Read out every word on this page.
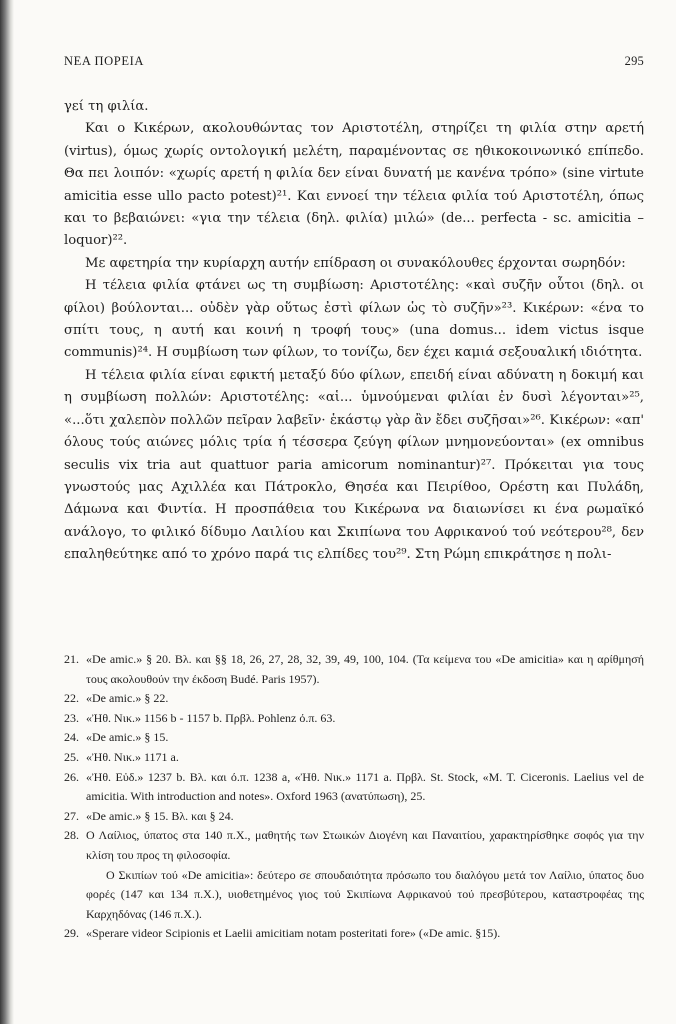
ΝΕΑ ΠΟΡΕΙΑ	295

γεί τη φιλία.

Και ο Κικέρων, ακολουθώντας τον Αριστοτέλη, στηρίζει τη φιλία στην αρετή (virtus), όμως χωρίς οντολογική μελέτη, παραμένοντας σε ηθικοκοινωνικό επίπεδο. Θα πει λοιπόν: «χωρίς αρετή η φιλία δεν είναι δυνατή με κανένα τρόπο» (sine virtute amicitia esse ullo pacto potest)²¹. Και εννοεί την τέλεια φιλία τού Αριστοτέλη, όπως και το βεβαιώνει: «για την τέλεια (δηλ. φιλία) μιλώ» (de... perfecta - sc. amicitia – loquor)²².

Με αφετηρία την κυρίαρχη αυτήν επίδραση οι συνακόλουθες έρχονται σωρηδόν:

Η τέλεια φιλία φτάνει ως τη συμβίωση: Αριστοτέλης: «καὶ συζῆν οὗτοι (δηλ. οι φίλοι) βούλονται... οὐδὲν γὰρ οὕτως ἐστὶ φίλων ὡς τὸ συζῆν»²³. Κικέρων: «ένα το σπίτι τους, η αυτή και κοινή η τροφή τους» (una domus... idem victus isque communis)²⁴. Η συμβίωση των φίλων, το τονίζω, δεν έχει καμιά σεξουαλική ιδιότητα.

Η τέλεια φιλία είναι εφικτή μεταξύ δύο φίλων, επειδή είναι αδύνατη η δοκιμή και η συμβίωση πολλών: Αριστοτέλης: «αἱ... ὑμνούμεναι φιλίαι ἐν δυσὶ λέγονται»²⁵, «...ὅτι χαλεπὸν πολλῶν πεῖραν λαβεῖν· ἑκάστῳ γὰρ ἂν ἔδει συζῆσαι»²⁶. Κικέρων: «απ' όλους τούς αιώνες μόλις τρία ή τέσσερα ζεύγη φίλων μνημονεύονται» (ex omnibus seculis vix tria aut quattuor paria amicorum nominantur)²⁷. Πρόκειται για τους γνωστούς μας Αχιλλέα και Πάτροκλο, Θησέα και Πειρίθοο, Ορέστη και Πυλάδη, Δάμωνα και Φιντία. Η προσπάθεια του Κικέρωνα να διαιωνίσει κι ένα ρωμαϊκό ανάλογο, το φιλικό δίδυμο Λαιλίου και Σκιπίωνα του Αφρικανού τού νεότερου²⁸, δεν επαληθεύτηκε από το χρόνο παρά τις ελπίδες του²⁹. Στη Ρώμη επικράτησε η πολι-

21. «De amic.» § 20. Βλ. και §§ 18, 26, 27, 28, 32, 39, 49, 100, 104. (Τα κείμενα του «De amicitia» και η αρίθμησή τους ακολουθούν την έκδοση Budé. Paris 1957).
22. «De amic.» § 22.
23. «Ἠθ. Νικ.» 1156 b - 1157 b. Πρβλ. Pohlenz ό.π. 63.
24. «De amic.» § 15.
25. «Ἠθ. Νικ.» 1171 a.
26. «Ἠθ. Εὐδ.» 1237 b. Βλ. και ό.π. 1238 a, «Ἠθ. Νικ.» 1171 a. Πρβλ. St. Stock, «M. T. Ciceronis. Laelius vel de amicitia. With introduction and notes». Oxford 1963 (ανατύπωση), 25.
27. «De amic.» § 15. Βλ. και § 24.
28. Ο Λαίλιος, ύπατος στα 140 π.Χ., μαθητής των Στωικών Διογένη και Παναιτίου, χαρακτηρίσθηκε σοφός για την κλίση του προς τη φιλοσοφία.
Ο Σκιπίων τού «De amicitia»: δεύτερο σε σπουδαιότητα πρόσωπο του διαλόγου μετά τον Λαίλιο, ύπατος δυο φορές (147 και 134 π.Χ.), υιοθετημένος γιος τού Σκιπίωνα Αφρικανού τού πρεσβύτερου, καταστροφέας της Καρχηδόνας (146 π.Χ.).
29. «Sperare videor Scipionis et Laelii amicitiam notam posteritati fore» («De amic. §15).
